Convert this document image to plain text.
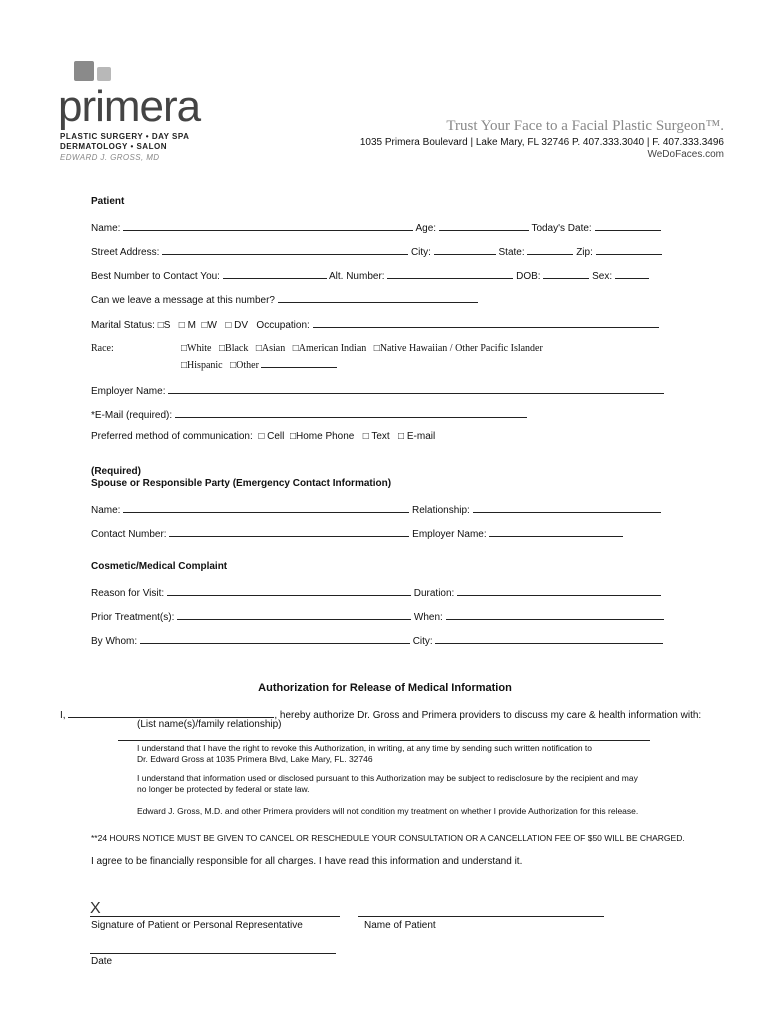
primera
PLASTIC SURGERY • DAY SPA
DERMATOLOGY • SALON
EDWARD J. GROSS, MD
Trust Your Face to a Facial Plastic Surgeon™.
1035 Primera Boulevard | Lake Mary, FL 32746 P. 407.333.3040 | F. 407.333.3496
WeDoFaces.com
Patient
Name:	Age:	Today's Date:
Street Address:	City:	State:	Zip:
Best Number to Contact You:	Alt. Number:	DOB:	Sex:
Can we leave a message at this number?
Marital Status: □S □ M □W □ DV Occupation:
Race:	□White □Black □Asian □American Indian □Native Hawaiian / Other Pacific Islander
□Hispanic □Other
Employer Name:
*E-Mail (required):
Preferred method of communication: □ Cell □Home Phone □ Text □ E-mail
(Required)
Spouse or Responsible Party (Emergency Contact Information)
Name:	Relationship:
Contact Number:	Employer Name:
Cosmetic/Medical Complaint
Reason for Visit:	Duration:
Prior Treatment(s):	When:
By Whom:	City:
Authorization for Release of Medical Information
I,	, hereby authorize Dr. Gross and Primera providers to discuss my care & health information with:
(List name(s)/family relationship)
I understand that I have the right to revoke this Authorization, in writing, at any time by sending such written notification to
Dr. Edward Gross at 1035 Primera Blvd, Lake Mary, FL. 32746
I understand that information used or disclosed pursuant to this Authorization may be subject to redisclosure by the recipient and may
no longer be protected by federal or state law.
Edward J. Gross, M.D. and other Primera providers will not condition my treatment on whether I provide Authorization for this release.
**24 HOURS NOTICE MUST BE GIVEN TO CANCEL OR RESCHEDULE YOUR CONSULTATION OR A CANCELLATION FEE OF $50 WILL BE CHARGED.
I agree to be financially responsible for all charges. I have read this information and understand it.
X
Signature of Patient or Personal Representative	Name of Patient
Date
